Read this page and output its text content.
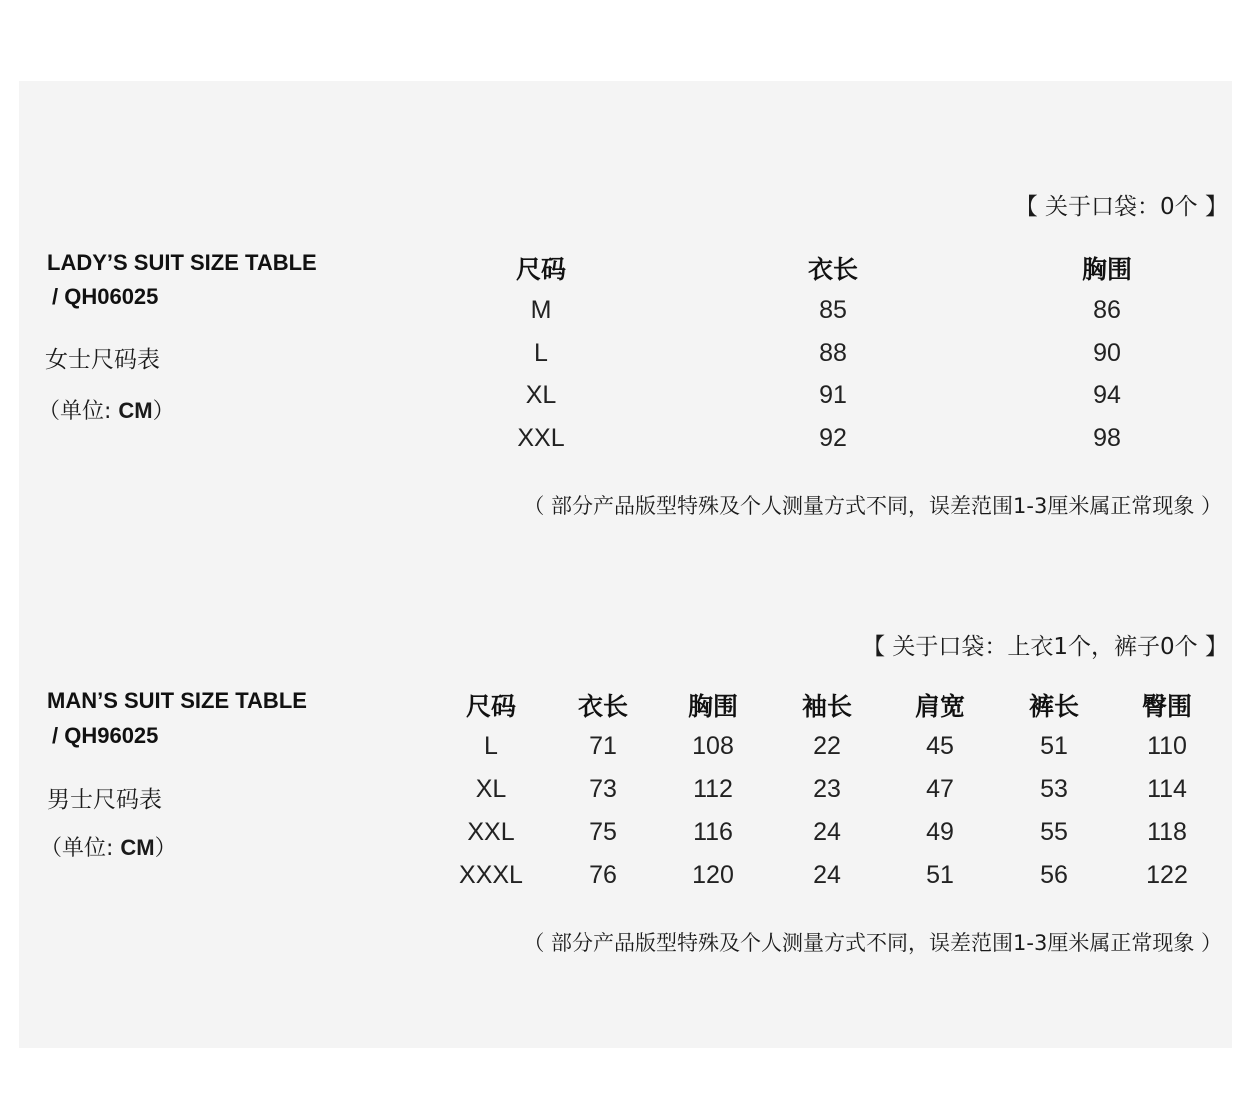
【 关于口袋：0个 】
LADY’S SUIT SIZE TABLE
/ QH06025
女士尺码表
（单位: CM）
尺码	衣长	胸围
M	85	86
L	88	90
XL	91	94
XXL	92	98
（ 部分产品版型特殊及个人测量方式不同，误差范围1-3厘米属正常现象 ）
【 关于口袋：上衣1个，裤子0个 】
MAN’S SUIT SIZE TABLE
/ QH96025
男士尺码表
（单位: CM）
尺码	衣长	胸围	袖长	肩宽	裤长	臀围
L	71	108	22	45	51	110
XL	73	112	23	47	53	114
XXL	75	116	24	49	55	118
XXXL	76	120	24	51	56	122
（ 部分产品版型特殊及个人测量方式不同，误差范围1-3厘米属正常现象 ）
